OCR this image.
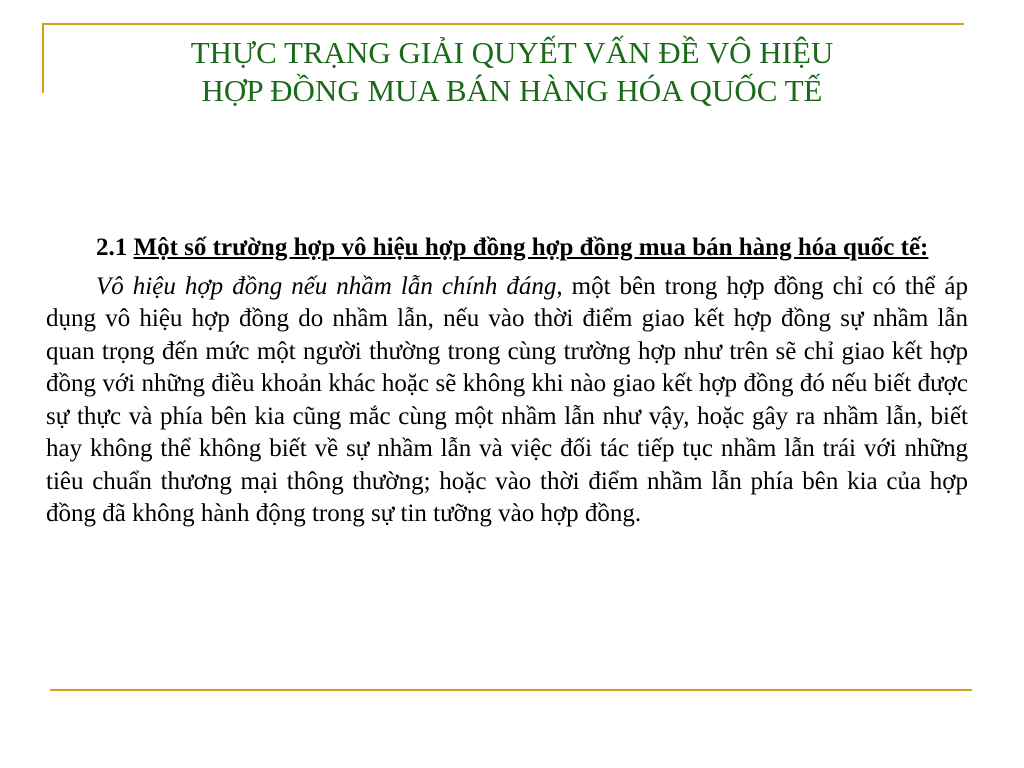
THỰC TRẠNG GIẢI QUYẾT VẤN ĐỀ VÔ HIỆU
HỢP ĐỒNG MUA BÁN HÀNG HÓA QUỐC TẾ

2.1 Một số trường hợp vô hiệu hợp đồng hợp đồng mua bán hàng hóa quốc tế:

Vô hiệu hợp đồng nếu nhầm lẫn chính đáng, một bên trong hợp đồng chỉ có thể áp dụng vô hiệu hợp đồng do nhầm lẫn, nếu vào thời điểm giao kết hợp đồng sự nhầm lẫn quan trọng đến mức một người thường trong cùng trường hợp như trên sẽ chỉ giao kết hợp đồng với những điều khoản khác hoặc sẽ không khi nào giao kết hợp đồng đó nếu biết được sự thực và phía bên kia cũng mắc cùng một nhầm lẫn như vậy, hoặc gây ra nhầm lẫn, biết hay không thể không biết về sự nhầm lẫn và việc đối tác tiếp tục nhầm lẫn trái với những tiêu chuẩn thương mại thông thường; hoặc vào thời điểm nhầm lẫn phía bên kia của hợp đồng đã không hành động trong sự tin tưỡng vào hợp đồng.
